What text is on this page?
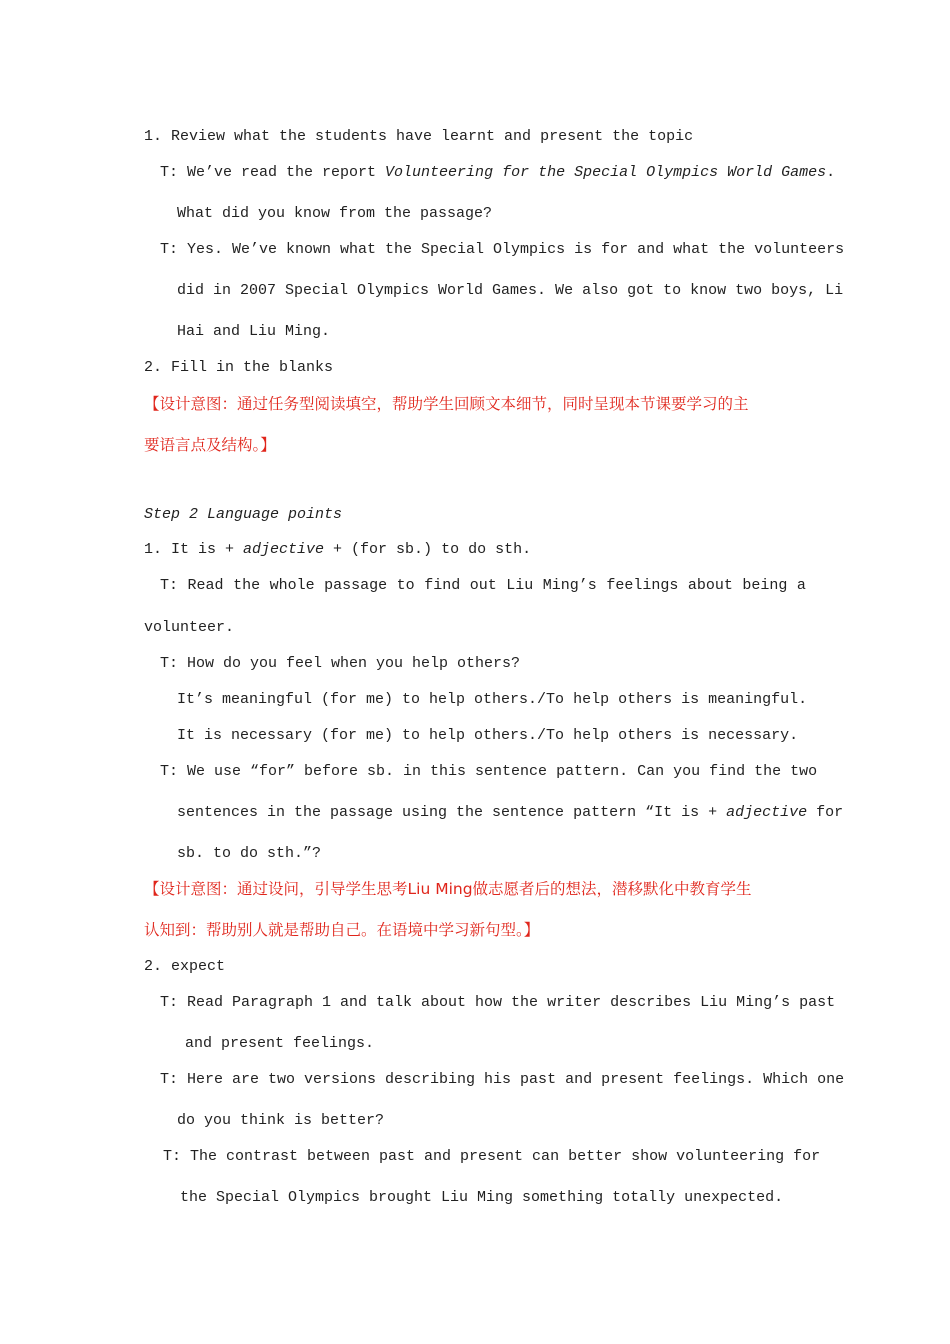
1. Review what the students have learnt and present the topic
T: We’ve read the report Volunteering for the Special Olympics World Games.
What did you know from the passage?
T: Yes. We’ve known what the Special Olympics is for and what the volunteers
did in 2007 Special Olympics World Games. We also got to know two boys, Li
Hai and Liu Ming.
2. Fill in the blanks
【设计意图：通过任务型阅读填空，帮助学生回顾文本细节，同时呈现本节课要学习的主
要语言点及结构。】
Step 2 Language points
1. It is + adjective + (for sb.) to do sth.
T: Read the whole passage to find out Liu Ming’s feelings about being a
volunteer.
T: How do you feel when you help others?
It’s meaningful (for me) to help others./To help others is meaningful.
It is necessary (for me) to help others./To help others is necessary.
T: We use “for” before sb. in this sentence pattern. Can you find the two
sentences in the passage using the sentence pattern “It is + adjective for
sb. to do sth.”?
【设计意图：通过设问，引导学生思考Liu Ming做志愿者后的想法，潜移默化中教育学生
认知到：帮助别人就是帮助自己。在语境中学习新句型。】
2. expect
T: Read Paragraph 1 and talk about how the writer describes Liu Ming’s past
and present feelings.
T: Here are two versions describing his past and present feelings. Which one
do you think is better?
T: The contrast between past and present can better show volunteering for
the Special Olympics brought Liu Ming something totally unexpected.
